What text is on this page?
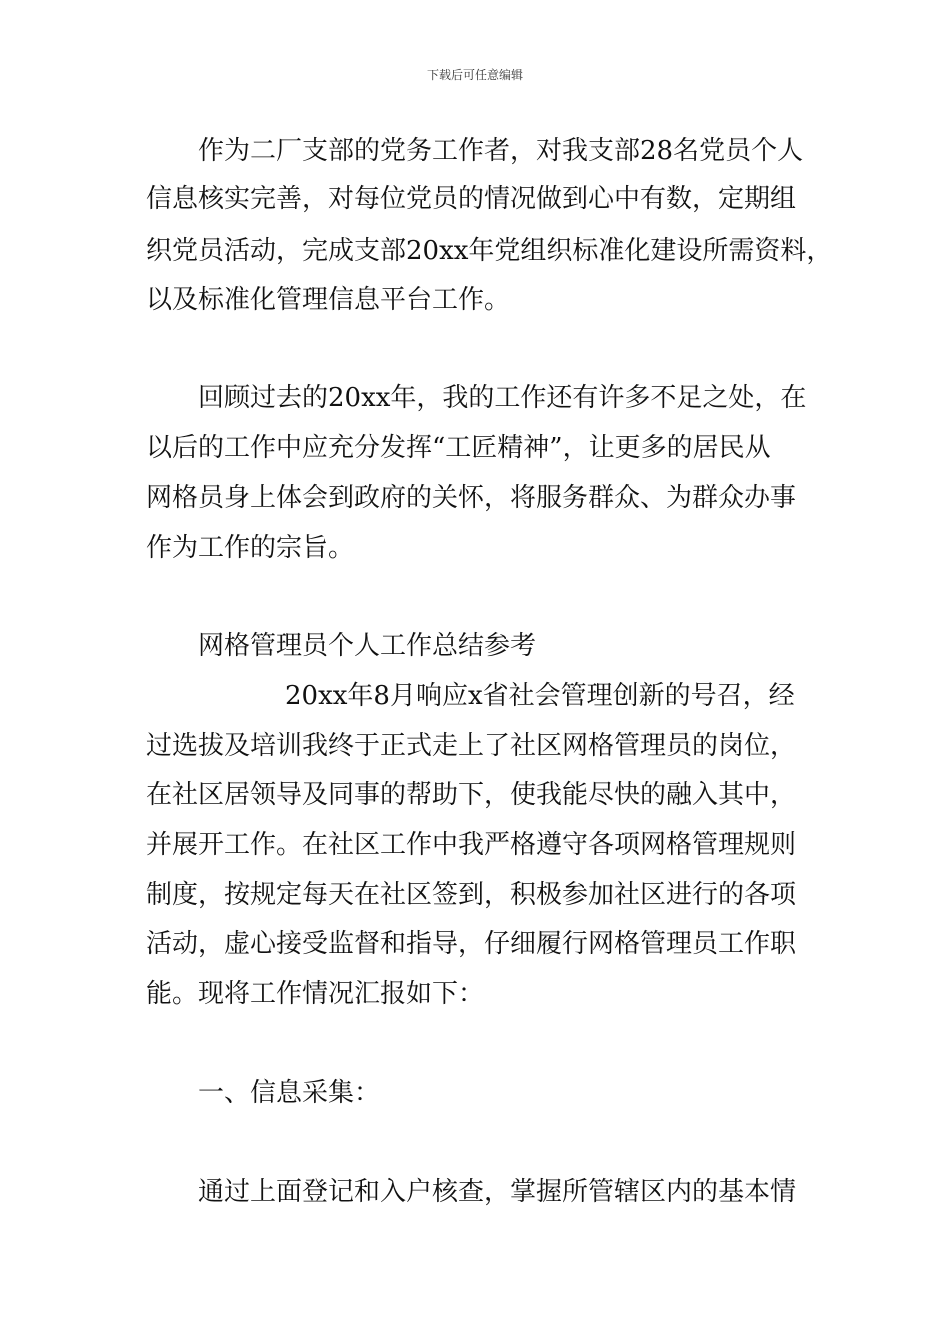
下载后可任意编辑
作为二厂支部的党务工作者，对我支部28名党员个人
信息核实完善，对每位党员的情况做到心中有数，定期组
织党员活动，完成支部20xx年党组织标准化建设所需资料，
以及标准化管理信息平台工作。
回顾过去的20xx年，我的工作还有许多不足之处，在
以后的工作中应充分发挥“工匠精神”，让更多的居民从
网格员身上体会到政府的关怀，将服务群众、为群众办事
作为工作的宗旨。
网格管理员个人工作总结参考
20xx年8月响应x省社会管理创新的号召，经
过选拔及培训我终于正式走上了社区网格管理员的岗位，
在社区居领导及同事的帮助下，使我能尽快的融入其中，
并展开工作。在社区工作中我严格遵守各项网格管理规则
制度，按规定每天在社区签到，积极参加社区进行的各项
活动，虚心接受监督和指导，仔细履行网格管理员工作职
能。现将工作情况汇报如下：
一、信息采集：
通过上面登记和入户核查，掌握所管辖区内的基本情
